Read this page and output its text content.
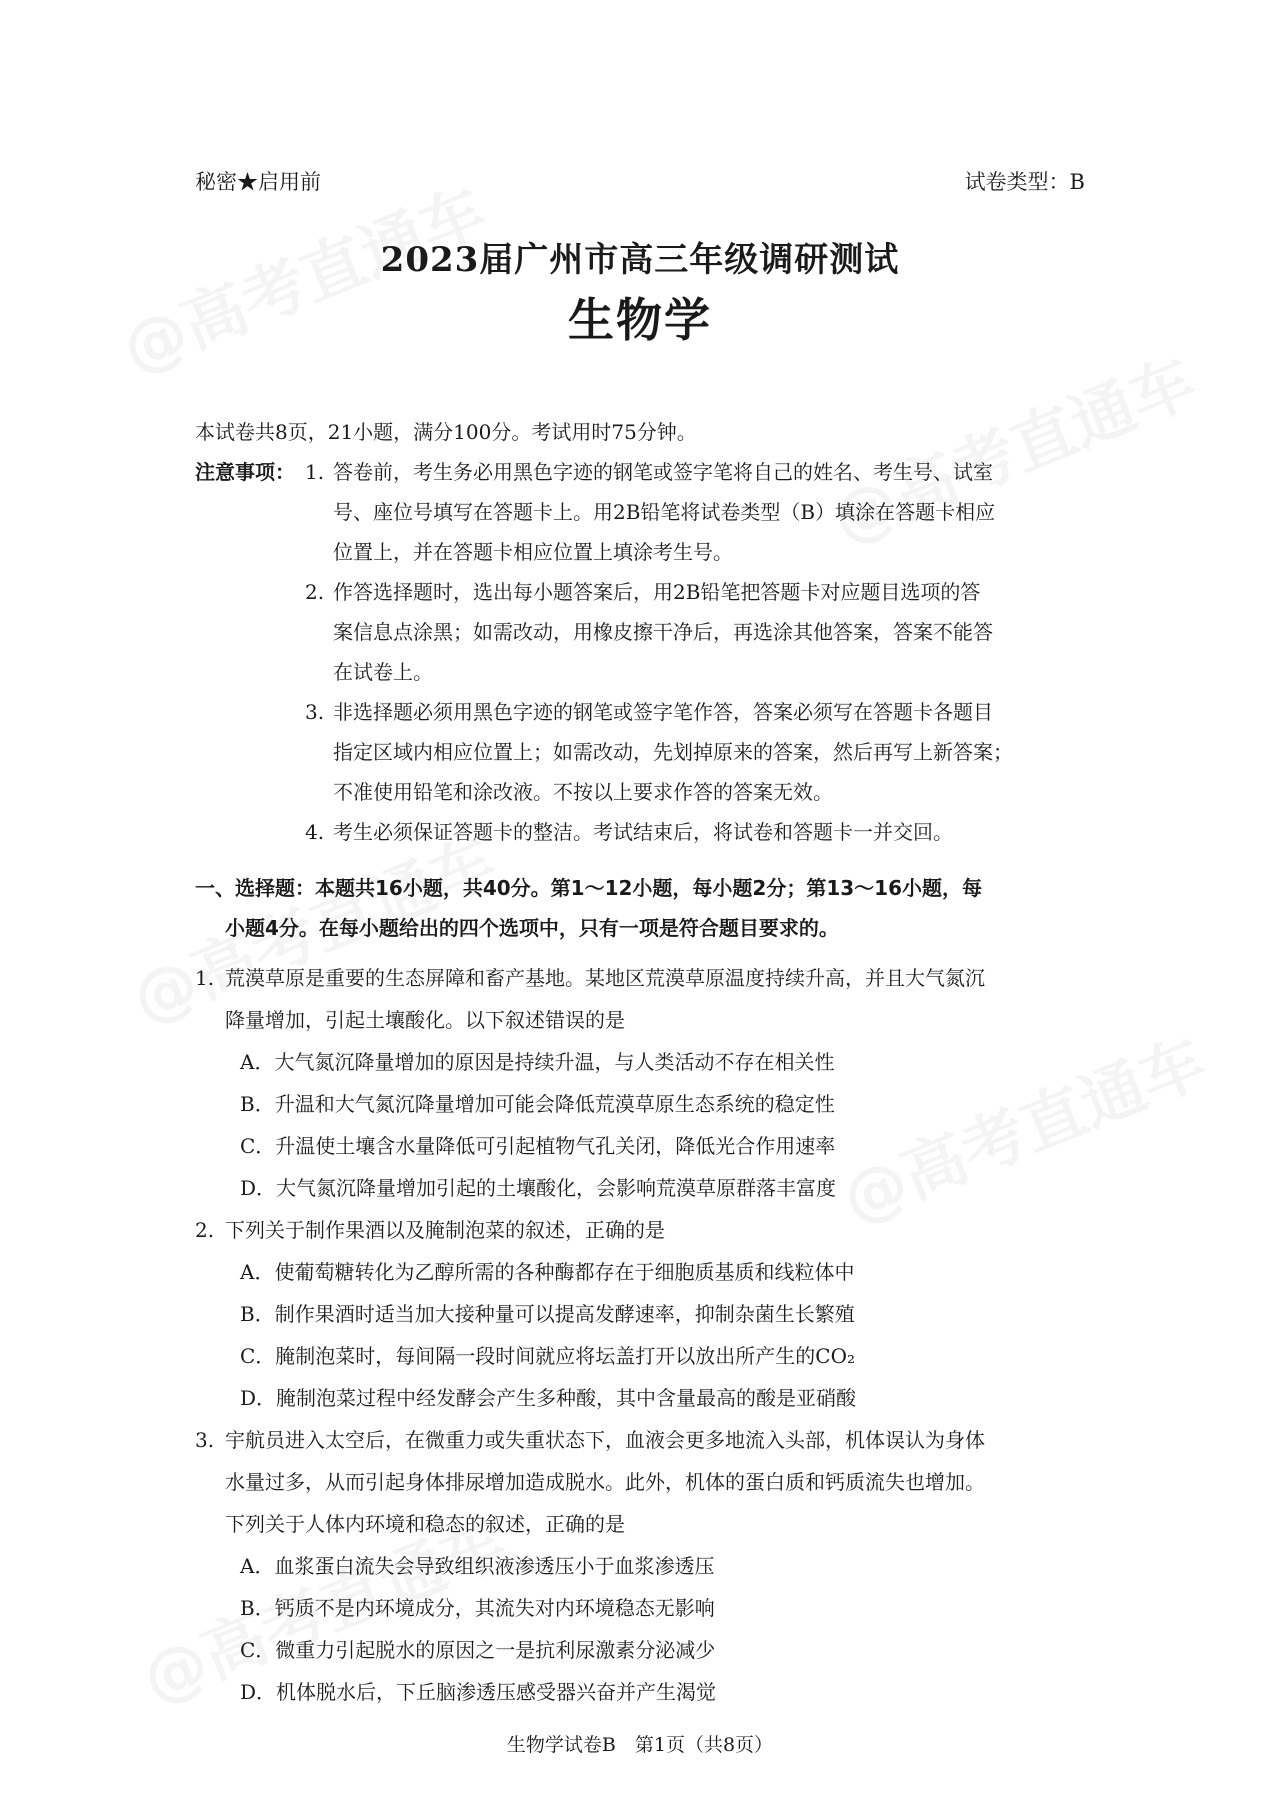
秘密★启用前	试卷类型：B
2023届广州市高三年级调研测试
生物学
本试卷共8页，21小题，满分100分。考试用时75分钟。
注意事项： 1. 答卷前，考生务必用黑色字迹的钢笔或签字笔将自己的姓名、考生号、试室
号、座位号填写在答题卡上。用2B铅笔将试卷类型（B）填涂在答题卡相应
位置上，并在答题卡相应位置上填涂考生号。
2. 作答选择题时，选出每小题答案后，用2B铅笔把答题卡对应题目选项的答
案信息点涂黑；如需改动，用橡皮擦干净后，再选涂其他答案，答案不能答
在试卷上。
3. 非选择题必须用黑色字迹的钢笔或签字笔作答，答案必须写在答题卡各题目
指定区域内相应位置上；如需改动，先划掉原来的答案，然后再写上新答案；
不准使用铅笔和涂改液。不按以上要求作答的答案无效。
4. 考生必须保证答题卡的整洁。考试结束后，将试卷和答题卡一并交回。
一、选择题：本题共16小题，共40分。第1～12小题，每小题2分；第13～16小题，每
小题4分。在每小题给出的四个选项中，只有一项是符合题目要求的。
1. 荒漠草原是重要的生态屏障和畜产基地。某地区荒漠草原温度持续升高，并且大气氮沉
降量增加，引起土壤酸化。以下叙述错误的是
A．大气氮沉降量增加的原因是持续升温，与人类活动不存在相关性
B．升温和大气氮沉降量增加可能会降低荒漠草原生态系统的稳定性
C．升温使土壤含水量降低可引起植物气孔关闭，降低光合作用速率
D．大气氮沉降量增加引起的土壤酸化，会影响荒漠草原群落丰富度
2. 下列关于制作果酒以及腌制泡菜的叙述，正确的是
A．使葡萄糖转化为乙醇所需的各种酶都存在于细胞质基质和线粒体中
B．制作果酒时适当加大接种量可以提高发酵速率，抑制杂菌生长繁殖
C．腌制泡菜时，每间隔一段时间就应将坛盖打开以放出所产生的CO₂
D．腌制泡菜过程中经发酵会产生多种酸，其中含量最高的酸是亚硝酸
3. 宇航员进入太空后，在微重力或失重状态下，血液会更多地流入头部，机体误认为身体
水量过多，从而引起身体排尿增加造成脱水。此外，机体的蛋白质和钙质流失也增加。
下列关于人体内环境和稳态的叙述，正确的是
A．血浆蛋白流失会导致组织液渗透压小于血浆渗透压
B．钙质不是内环境成分，其流失对内环境稳态无影响
C．微重力引起脱水的原因之一是抗利尿激素分泌减少
D．机体脱水后，下丘脑渗透压感受器兴奋并产生渴觉
生物学试卷B　第1页（共8页）
